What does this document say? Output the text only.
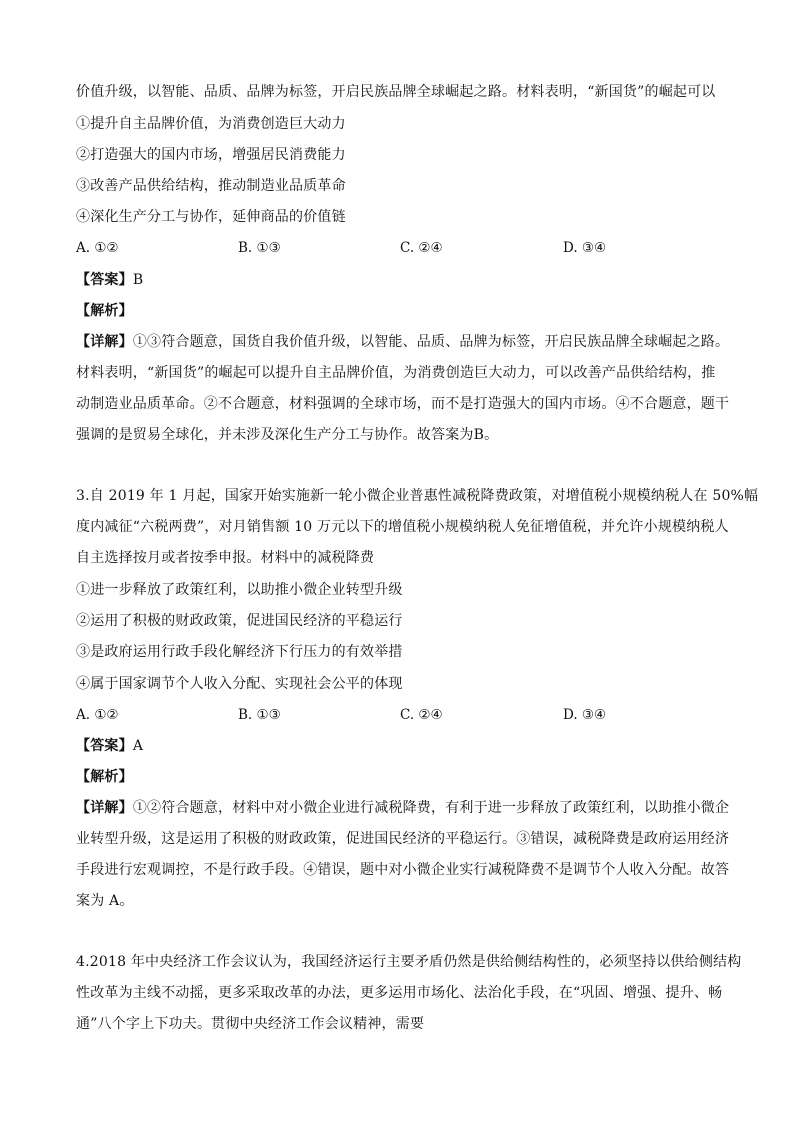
价值升级，以智能、品质、品牌为标签，开启民族品牌全球崛起之路。材料表明，“新国货”的崛起可以
①提升自主品牌价值，为消费创造巨大动力
②打造强大的国内市场，增强居民消费能力
③改善产品供给结构，推动制造业品质革命
④深化生产分工与协作，延伸商品的价值链
A. ①②	B. ①③	C. ②④	D. ③④
【答案】B
【解析】
【详解】①③符合题意，国货自我价值升级，以智能、品质、品牌为标签，开启民族品牌全球崛起之路。
材料表明，“新国货”的崛起可以提升自主品牌价值，为消费创造巨大动力，可以改善产品供给结构，推
动制造业品质革命。②不合题意，材料强调的全球市场，而不是打造强大的国内市场。④不合题意，题干
强调的是贸易全球化，并未涉及深化生产分工与协作。故答案为B。
3.自 2019 年 1 月起，国家开始实施新一轮小微企业普惠性减税降费政策，对增值税小规模纳税人在 50%幅
度内减征“六税两费”，对月销售额 10 万元以下的增值税小规模纳税人免征增值税，并允许小规模纳税人
自主选择按月或者按季申报。材料中的减税降费
①进一步释放了政策红利，以助推小微企业转型升级
②运用了积极的财政政策，促进国民经济的平稳运行
③是政府运用行政手段化解经济下行压力的有效举措
④属于国家调节个人收入分配、实现社会公平的体现
A. ①②	B. ①③	C. ②④	D. ③④
【答案】A
【解析】
【详解】①②符合题意，材料中对小微企业进行减税降费，有利于进一步释放了政策红利，以助推小微企
业转型升级，这是运用了积极的财政政策，促进国民经济的平稳运行。③错误，减税降费是政府运用经济
手段进行宏观调控，不是行政手段。④错误，题中对小微企业实行减税降费不是调节个人收入分配。故答
案为 A。
4.2018 年中央经济工作会议认为，我国经济运行主要矛盾仍然是供给侧结构性的，必须坚持以供给侧结构
性改革为主线不动摇，更多采取改革的办法，更多运用市场化、法治化手段，在“巩固、增强、提升、畅
通”八个字上下功夫。贯彻中央经济工作会议精神，需要
